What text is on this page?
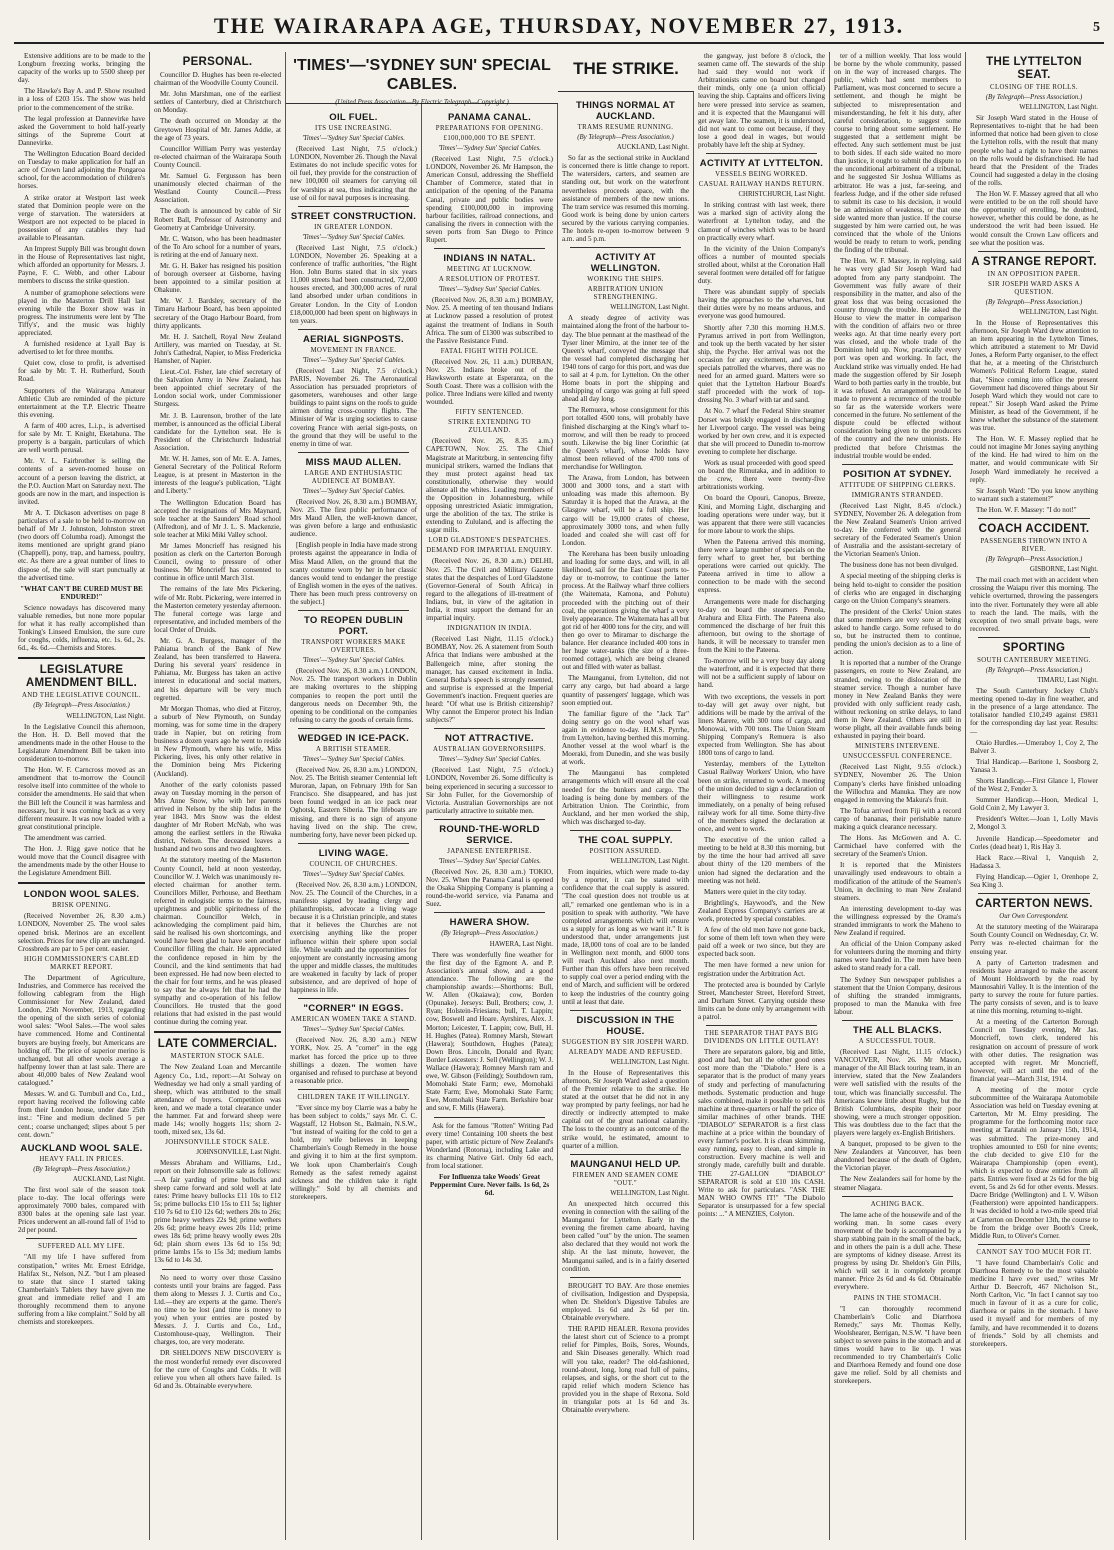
THE WAIRARAPA AGE, THURSDAY, NOVEMBER 27, 1913.	5

Extensive additions are to be made to the Longburn freezing works, bringing the capacity of the works up to 5500 sheep per day.

The Hawke's Bay A. and P. Show resulted in a loss of £203 15s. The show was held prior to the commencement of the strike.

The legal profession at Dannevirke have asked the Government to hold half-yearly sittings of the Supreme Court at Dannevirke.

The Wellington Education Board decided on Tuesday to make application for half an acre of Crown land adjoining the Pongaroa school, for the accommodation of children's horses.

A strike orator at Westport last week stated that Dominion people were on the verge of starvation. The watersiders at Westport are not expected to be placed in possession of any catables they had available to Pleasantan.

An Imprest Supply Bill was brought down in the House of Representatives last night, which afforded an opportunity for Messrs. J. Payne, F. C. Webb, and other Labour members to discuss the strike question.

A number of gramophone selections were played in the Masterton Drill Hall last evening while the Boxer show was in progress. The instruments were lent by 'The Tiffy's', and the music was highly appreciated.

A furnished residence at Lyall Bay is advertised to let for three months.

Quiet cow, close to profit, is advertised for sale by Mr. T. H. Rutherfurd, South Road.

Supporters of the Wairarapa Amateur Athletic Club are reminded of the picture entertainment at the T.P. Electric Theatre this evening.

A farm of 400 acres, L.i.p., is advertised for sale by Mr. T. Knight, Eketahuna. The property is a bargain, particulars of which are well worth perusal.

Mr. V. L. Fairbrother is selling the contents of a seven-roomed house on account of a person leaving the district, at the P.O. Auction Mart on Saturday next. The goods are now in the mart, and inspection is invited.

Mr A. T. Dickason advertises on page 8 particulars of a sale to be held to-morrow on behalf of Mr J. Johnston, Johnston street (two doors off Columba road). Amongst the items mentioned are upright grand piano (Chappell), pony, trap, and harness, poultry, etc. As there are a great number of lines to dispose of, the sale will start punctually at the advertised time.

"WHAT CAN'T BE CURED MUST BE ENDURED!"

Science nowadays has discovered many valuable remedies, but none more popular for what it has really accomplished than Tonking's Linseed Emulsion, the sure cure for coughs, colds, influenza, etc. 1s. 6d., 2s. 6d., 4s. 6d.—Chemists and Stores.

LEGISLATURE AMENDMENT BILL.
AND THE LEGISLATIVE COUNCIL.
(By Telegraph—Press Association.)
WELLINGTON, Last Night.

In the Legislative Council this afternoon, the Hon. H. D. Bell moved that the amendments made in the other House to the Legislature Amendment Bill be taken into consideration to-morrow.

The Hon. W. F. Carncross moved as an amendment that to-morrow the Council resolve itself into committee of the whole to consider the amendments. He said that when the Bill left the Council it was harmless and necessary, but it was coming back as a very different measure. It was now loaded with a great constitutional principle.

The amendment was carried.

The Hon. J. Rigg gave notice that he would move that the Council disagree with the amendments made by the other House to the Legislature Amendment Bill.

LONDON WOOL SALES.
BRISK OPENING.

(Received November 26, 8.30 a.m.) LONDON, November 25. The wool sales opened brisk. Merinos are an excellent selection. Prices for new clip are unchanged. Crossbreds are par to 5 per cent. easier.

HIGH COMMISSIONER'S CABLED MARKET REPORT.

The Department of Agriculture, Industries, and Commerce has received the following cablegram from the High Commissioner for New Zealand, dated London, 25th November, 1913, regarding the opening of the sixth series of colonial wool sales: "Wool Sales.—The wool sales have commenced. Home and Continental buyers are buying freely, but Americans are holding off. The price of superior merino is unchanged, but all other wools average a halfpenny lower than at last sale. There are about 40,000 bales of New Zealand wool catalogued."

Messrs. W. and G. Turnbull and Co., Ltd., report having received the following cable from their London house, under date 25th inst.: "Fine and medium declined 5 per cent.; coarse unchanged; slipes about 5 per cent. down."

AUCKLAND WOOL SALE.
HEAVY FALL IN PRICES.
(By Telegraph—Press Association.)
AUCKLAND, Last Night.

The first wool sale of the season took place to-day. The local offerings were approximately 7000 bales, compared with 8300 bales at the opening sale last year. Prices underwent an all-round fall of 1½d to 2d per pound.

SUFFERED ALL MY LIFE.

"All my life I have suffered from constipation," writes Mr. Ernest Edridge, Halifax St., Nelson, N.Z. "but I am pleased to state that since I started taking Chamberlain's Tablets they have given me great and immediate relief and I am thoroughly recommend them to anyone suffering from a like complaint." Sold by all chemists and storekeepers.

PERSONAL.

Councillor D. Hughes has been re-elected chairman of the Woodville County Council.

Mr. John Marshman, one of the earliest settlers of Canterbury, died at Christchurch on Monday.

The death occurred on Monday at the Greytown Hospital of Mr. James Addie, at the age of 73 years.

Councillor William Perry was yesterday re-elected chairman of the Wairarapa South County Council.

Mr. Samuel G. Fergusson has been unanimously elected chairman of the Westland County Council.—Press Association.

The death is announced by cable of Sir Robert Ball, Professor of Astronomy and Geometry at Cambridge University.

Mr. C. Watson, who has been headmaster of the To Aro school for a number of years, is retiring at the end of January next.

Mr. G. H. Baker has resigned his position of borough overseer at Gisborne, having been appointed to a similar position at Ohakune.

Mr. W. J. Bardsley, secretary of the Timaru Harbour Board, has been appointed secretary of the Otago Harbour Board, from thirty applicants.

Mr. H. J. Satchell, Royal New Zealand Artillery, was married on Tuesday, at St. John's Cathedral, Napier, to Miss Fredericka Hamsher, of Napier.

Lieut.-Col. Fisher, late chief secretary of the Salvation Army in New Zealand, has been appointed chief secretary of the London social work, under Commissioner Sturgess.

Mr. J. B. Laurenson, brother of the late member, is announced as the official Liberal candidate for the Lyttelton seat. He is President of the Christchurch Industrial Association.

Mr. W. H. James, son of Mr. E. A. James, General Secretary of the Political Reform League, is at present in Masterton in the interests of the league's publication, "Light and Liberty."

The Wellington Education Board has accepted the resignations of Mrs Maynard, sole teacher at the Saunders' Road school (Alfredton), and of Mr J. L. S. Mackenzie, sole teacher at Miki Miki Valley school.

Mr James Moncrieff has resigned his position as clerk on the Carterton Borough Council, owing to pressure of other business. Mr Moncrieff has consented to continue in office until March 31st.

The remains of the late Mrs Pickering, wife of Mr. Robt. Pickering, were interred in the Masterton cemetery yesterday afternoon. The funeral cortege was large and representative, and included members of the local Order of Druids.

Mr. G. A. Burgess, manager of the Pahiatua branch of the Bank of New Zealand, has been transferred to Hawera. During his several years' residence in Pahiatua, Mr. Burgess has taken an active interest in educational and social matters, and his departure will be very much regretted.

Mr Morgan Thomas, who died at Fitzroy, a suburb of New Plymouth, on Sunday morning, was for some time in the drapery trade in Napier, but on retiring from business a dozen years ago he went to reside in New Plymouth, where his wife, Miss Pickering, lives, his only other relative in the Dominion being Mrs Pickering (Auckland).

Another of the early colonists passed away on Tuesday morning in the person of Mrs Anne Snow, who with her parents arrived in Nelson by the ship Indus in the year 1843. Mrs Snow was the eldest daughter of Mr Robert McNab, who was among the earliest settlers in the Riwaka district, Nelson. The deceased leaves a husband and two sons and two daughters.

At the statutory meeting of the Masterton County Council, held at noon yesterday, Councillor W. J. Welch was unanimously re-elected chairman for another term. Councillors Miller, Perhouse, and Beetham referred in eulogistic terms to the fairness, uprightness and public spiritedness of the chairman. Councillor Welch, in acknowledging the compliment paid him, said he realised his own shortcomings, and would have been glad to have seen another Councillor filling the chair. He appreciated the confidence reposed in him by the Council, and the kind sentiments that had been expressed. He had now been elected to the chair for four terms, and he was pleased to say that he always felt that he had the sympathy and co-operation of his fellow Councillors. He trusted that the good relations that had existed in the past would continue during the coming year.

LATE COMMERCIAL.
MASTERTON STOCK SALE.

The New Zealand Loan and Mercantile Agency Co., Ltd., report:—At Solway on Wednesday we had only a small yarding of sheep, which was attributed to the small attendance of buyers. Competition was keen, and we made a total clearance under the hammer. Fat and forward sheep were made 14s; woolly hoggets 11s; shorn 2-tooth, mixed sex, 13s 6d.

JOHNSONVILLE STOCK SALE.
JOHNSONVILLE, Last Night.

Messrs Abraham and Williams, Ltd., report on their Johnsonville sale as follows:—A fair yarding of prime bullocks and sheep came forward and sold well at late rates: Prime heavy bullocks £11 10s to £12 5s; prime bullocks £10 15s to £11 5s; lighter £10 7s 6d to £10 12s 6d; wethers 20s to 26s; prime heavy wethers 22s 9d; prime wethers 20s 6d; prime heavy ewes 20s 11d; prime ewes 18s 6d; prime heavy woolly ewes 20s 6d; plain shorn ewes 13s 6d to 15s 9d; prime lambs 15s to 15s 3d; medium lambs 13s 6d to 14s 3d.

No need to worry over those Cassino contests until your brains are fagged. Pass them along to Messrs J. J. Curtis and Co., Ltd.—they are experts at the game. There's no time to be lost (and time is money to you) when your entries are posted by Messrs. J. J. Curtis and Co., Ltd., Customhouse-quay, Wellington. Their charges, too, are very moderate.

DR SHELDON'S NEW DISCOVERY is the most wonderful remedy ever discovered for the cure of Coughs and Colds. It will relieve you when all others have failed. 1s 6d and 3s. Obtainable everywhere.

OIL FUEL.
ITS USE INCREASING.
'Times'—'Sydney Sun' Special Cables.

(Received Last Night, 7.5 o'clock.) LONDON, November 26. Though the Naval Estimates do not include specific votes for oil fuel, they provide for the construction of new 100,000 oil steamers for carrying oil for warships at sea, thus indicating that the use of oil for naval purposes is increasing.

STREET CONSTRUCTION.
IN GREATER LONDON.
'Times'—'Sydney Sun' Special Cables.

(Received Last Night, 7.5 o'clock.) LONDON, November 26. Speaking at a conference of traffic authorities, "the Right Hon. John Burns stated that in six years 11,000 streets had been constructed, 72,000 houses erected, and 300,000 acres of rural land absorbed under urban conditions in Greater London. In the City of London £18,000,000 had been spent on highways in ten years.

AERIAL SIGNPOSTS.
MOVEMENT IN FRANCE.
'Times'—'Sydney Sun' Special Cables.

(Received Last Night, 7.5 o'clock.) PARIS, November 26. The Aeronautical Association has persuaded proprietors of gasometers, warehouses and other large buildings to paint signs on the roofs to guide airmen during cross-country flights. The Minister of War is urging societies to cause covering France with aerial sign-posts, on the ground that they will be useful to the enemy in time of war.

MISS MAUD ALLEN.
LARGE AND ENTHUSIASTIC AUDIENCE AT BOMBAY.
'Times'—'Sydney Sun' Special Cables.

(Received Nov. 26, 8.30 a.m.) BOMBAY, Nov. 25. The first public performance of Mrs Maud Allen, the well-known dancer, was given before a large and enthusiastic audience.

[English people in India have made strong protests against the appearance in India of Miss Maud Allen, on the ground that the scanty costume worn by her in her classic dances would tend to endanger the prestige of English women in the eyes of the natives. There has been much press controversy on the subject.]

TO REOPEN DUBLIN PORT.
TRANSPORT WORKERS MAKE OVERTURES.
'Times'—'Sydney Sun' Special Cables.

(Received Nov. 26, 8.30 a.m.) LONDON, Nov. 25. The transport workers in Dublin are making overtures to the shipping companies to reopen the port until the dangerous needs on December 9th, the opening to be conditional on the companies refusing to carry the goods of certain firms.

WEDGED IN ICE-PACK.
A BRITISH STEAMER.
'Times'—'Sydney Sun' Special Cables.

(Received Nov. 26, 8.30 a.m.) LONDON, Nov. 25. The British steamer Centennial left Muroran, Japan, on February 19th for San Francisco. She disappeared, and has just been found wedged in an ice pack near Oghotsk, Eastern Siberia. The lifeboats are missing, and there is no sign of anyone having lived on the ship. The crew, numbering forty, have never been picked up.

LIVING WAGE.
COUNCIL OF CHURCHES.
'Times'—'Sydney Sun' Special Cables.

(Received Nov. 26, 8.30 a.m.) LONDON, Nov. 25. The Council of the Churches, in a manifesto signed by leading clergy and philanthropists, advocate a living wage because it is a Christian principle, and states that it believes the Churches are not exercising anything like the proper influence within their sphere upon social life. While wealth and the opportunities for enjoyment are constantly increasing among the upper and middle classes, the multitudes are weakened in faculty by lack of proper subsistence, and are deprived of hope of happiness in life.

"CORNER" IN EGGS.
AMERICAN WOMEN TAKE A STAND.
'Times'—'Sydney Sun' Special Cables.

(Received Nov. 26, 8.30 a.m.) NEW YORK, Nov. 25. A "corner" in the egg market has forced the price up to three shillings a dozen. The women have organised and refused to purchase at beyond a reasonable price.

CHILDREN TAKE IT WILLINGLY.

"Ever since my boy Clarrie was a baby he has been subject to colds," says Mr. C. C. Wagstaff, 12 Hobson St., Balmain, N.S.W., "but instead of waiting for the cold to get a hold, my wife believes in keeping Chamberlain's Cough Remedy in the house and giving it to him at the first symptom. We look upon Chamberlain's Cough Remedy as the safest remedy against sickness and the children take it right willingly." Sold by all chemists and storekeepers.

PANAMA CANAL.
PREPARATIONS FOR OPENING.
£100,000,000 TO BE SPENT.
'Times'—'Sydney Sun' Special Cables.

(Received Last Night, 7.5 o'clock.) LONDON, November 26. Mr Hampson, the American Consul, addressing the Sheffield Chamber of Commerce, stated that in anticipation of the opening of the Panama Canal, private and public bodies were spending £100,000,000 in improving harbour facilities, railroad connections, and canalising the rivers in connection with the seven ports from San Diego to Prince Rupert.

INDIANS IN NATAL.
MEETING AT LUCKNOW.
A RESOLUTION OF PROTEST.
'Times'—'Sydney Sun' Special Cables.

(Received Nov. 26, 8.30 a.m.) BOMBAY, Nov. 25. A meeting of ten thousand Indians at Lucknow passed a resolution of protest against the treatment of Indians in South Africa. The sum of £1300 was subscribed to the Passive Resistance Fund.

FATAL FIGHT WITH POLICE.

(Received Nov. 26, 11 a.m.) DURBAN, Nov. 25. Indians broke out of the Hawksworth estate at Esperanza, on the South Coast. There was a collision with the police. Three Indians were killed and twenty wounded.

FIFTY SENTENCED.
STRIKE EXTENDING TO ZULULAND.

(Received Nov. 26, 8.35 a.m.) CAPETOWN, Nov. 25. The Chief Magistrate at Maritzburg, in sentencing fifty municipal strikers, warned the Indians that they must protect against head tax constitutionally, otherwise they would alienate all the whites. Leading members of the Opposition in Johannesburg, while opposing unrestricted Asiatic immigration, urge the abolition of the tax. The strike is extending to Zululand, and is affecting the sugar mills.

LORD GLADSTONE'S DESPATCHES.
DEMAND FOR IMPARTIAL ENQUIRY.

(Received Nov. 26, 8.30 a.m.) DELHI, Nov. 25. The Civil and Military Gazette states that the despatches of Lord Gladstone (Governor-General of South Africa) in regard to the allegations of ill-treatment of Indians, but, in view of the agitation in India, it must support the demand for an impartial inquiry.

INDIGNATION IN INDIA.

(Received Last Night, 11.15 o'clock.) BOMBAY, Nov. 26. A statement from South Africa that Indians were ambushed at the Ballengeich mine, after stoning the manager, has caused excitement in India. General Botha's speech is strongly resented, and surprise is expressed at the Imperial Government's inaction. Frequent queries are heard: "Of what use is British citizenship? Why cannot the Emperor protect his Indian subjects?"

NOT ATTRACTIVE.
AUSTRALIAN GOVERNORSHIPS.
'Times'—'Sydney Sun' Special Cables.

(Received Last Night, 7.5 o'clock.) LONDON, November 26. Some difficulty is being experienced in securing a successor to Sir John Fuller, for the Governorship of Victoria. Australian Governorships are not particularly attractive to suitable men.

ROUND-THE-WORLD SERVICE.
JAPANESE ENTERPRISE.
'Times'—'Sydney Sun' Special Cables.

(Received Nov. 26, 8.30 a.m.) TOKIO, Nov. 25. When the Panama Canal is opened the Osaka Shipping Company is planning a round-the-world service, via Panama and Suez.

HAWERA SHOW.
(By Telegraph—Press Association.)
HAWERA, Last Night.

There was wonderfully fine weather for the first day of the Egmont A. and P. Association's annual show, and a good attendance. The following are the championship awards:—Shorthorns: Bull, W. Allen (Okaiawa); cow, Borden (Opunake). Jerseys: Bull, Brothers; cow, J. Ryan; Holstein-Friesians; bull, T. Lappin; cow, Boswell and Hoare. Ayrshires, Alex. J. Morton; Leicester, T. Lappin; cow, Bull, H. H. Hughes (Patea). Romney Marsh, Stewart (Hawera); Southdown, Hughes (Patea); Down Bros. Lincoln, Donald and Ryan; Border Leicesters: J. Sell (Wellington); W. J. Wallace (Hawera); Romney Marsh ram and ewe, W. Gibson (Feilding); Southdown ram, Momohaki State Farm; ewe, Momohaki State Farm; Ewe, Momohaki State Farm; Ewe, Momohaki State Farm. Berkshire boar and sow, F. Mills (Hawera).

Ask for the famous "Rotten" Writing Pad every time! Containing 100 sheets the best paper, with artistic picture of New Zealand's Wonderland (Rotorua), including Lake and its charming Native Girl. Only 6d each, from local stationer.

For Influenza take Woods' Great Peppermint Cure. Never fails. 1s 6d, 2s 6d.
THINGS NORMAL AT AUCKLAND.
TRAMS RESUME RUNNING.
(By Telegraph—Press Association.)
AUCKLAND, Last Night.

So far as the sectional strike in Auckland is concerned there is little change to report. The watersiders, carters, and seamen are standing out, but work on the waterfront nevertheless proceeds apace, with the assistance of members of the new unions. The tram service was resumed this morning. Good work is being done by union carters secured by the various carrying companies. The hotels re-open to-morrow between 9 a.m. and 5 p.m.

ACTIVITY AT WELLINGTON.
WORKING THE SHIPS.
ARBITRATION UNION STRENGTHENING.
WELLINGTON, Last Night.

A steady degree of activity was maintained along the front of the harbour to-day. The blue pennant at the masthead of the Tyser liner Mimiro, at the inner tee of the Queen's wharf, conveyed the message that the vessel had completed discharging her 1940 tons of cargo for this port, and was due to sail at 4 p.m. for Lyttelton. On the other Home boats in port the shipping and unshipping of cargo was going at full speed ahead all day long.

The Remuera, whose consignment for this port totalled 4500 tons, will probably have finished discharging at the King's wharf to-morrow, and will then be ready to proceed south. Likewise the big liner Corinthic (at the Queen's wharf), whose holds have almost been relieved of the 4700 tons of merchandise for Wellington.

The Arawa, from London, has between 3000 and 3000 tons, and a start with unloading was made this afternoon. By Saturday it is hoped that the Arawa, at the Glasgow wharf, will be a full ship. Her cargo will be 19,000 crates of cheese, approximately 3000 tons, and when fully loaded and coaled she will cast off for London.

The Kerehana has been busily unloading and loading for some days, and will, in all likelihood, sail for the East Coast ports to-day or to-morrow, to continue the latter process. At the Railway wharf three colliers (the Waitemata, Kamona, and Pohutu) proceeded with the pitching out of their coal, the operations giving the wharf a very lively appearance. The Waitemata has all but got rid of her 4000 tons for the city, and will then go over to Miramar to discharge the balance. Her clearance included 400 tons in her huge water-tanks (the size of a three-roomed cottage), which are being cleaned out and filled with water as ballast.

The Maunganui, from Lyttelton, did not carry any cargo, but had aboard a large quantity of passengers' luggage, which was soon emptied out.

The familiar figure of the "Jack Tar" doing sentry go on the wool wharf was again in evidence to-day. H.M.S. Pyrrhe, from Lyttelton, having berthed this morning. Another vessel at the wool wharf is the Moeraki, from Dunedin, and she was busily at work.

The Maunganui has completed arrangements which will ensure all the coal needed for the bunkers and cargo. The loading is being done by members of the Arbitration Union. The Corinthic, from Auckland, and her men worked the ship, which was discharged to-day.

THE COAL SUPPLY.
POSITION ASSURED.
WELLINGTON, Last Night.

From inquiries, which were made to-day by a reporter, it can be stated with confidence that the coal supply is assured. "The coal question does not trouble us at all," remarked one gentleman who is in a position to speak with authority. "We have completed arrangements which will ensure us a supply for as long as we want it." It is understood that, under arrangements just made, 18,000 tons of coal are to be landed in Wellington next month, and 6000 tons will reach Auckland also next month. Further than this offers have been received to supply coal over a period ending with the end of March, and sufficient will be ordered to keep the industries of the country going until at least that date.

DISCUSSION IN THE HOUSE.
SUGGESTION BY SIR JOSEPH WARD.
ALREADY MADE AND REFUSED.
WELLINGTON, Last Night.

In the House of Representatives this afternoon, Sir Joseph Ward asked a question of the Premier relative to the strike. He stated at the outset that he did not in any way prompted by party feelings, nor had he directly or indirectly attempted to make capital out of the great national calamity. The loss to the country as an outcome of the strike would, he estimated, amount to quarter of a million.

MAUNGANUI HELD UP.
FIREMEN AND SEAMEN COME "OUT."
WELLINGTON, Last Night.

An unexpected hitch occurred this evening in connection with the sailing of the Maunganui for Lyttelton. Early in the evening the firemen came aboard, having been called "out" by the union. The seamen also declared that they would not work the ship. At the last minute, however, the Maunganui sailed, and is in a fairly deserted condition.

BROUGHT TO BAY. Are those enemies of civilisation, Indigestion and Dyspepsia, when Dr. Sheldon's Digestive Tabules are employed. 1s 6d and 2s 6d per tin. Obtainable everywhere.

THE RAPID HEALER. Rexona provides the latest short cut of Science to a prompt relief for Pimples, Boils, Sores, Wounds, and Skin Diseases generally. Which road will you take, reader? The old-fashioned, round-about, long, long road full of pains, relapses, and sighs, or the short cut to the rapid relief which modern Science has provided you in the shape of Rexona. Sold in triangular pots at 1s 6d and 3s. Obtainable everywhere.

the gangway, just before 8 o'clock, the seamen came off. The stewards of the ship had said they would not work if Arbitrationists came on board but changed their minds, only one (a union official) leaving the ship. Captains and officers living here were pressed into service as seamen, and it is expected that the Maunganui will get away late. The seamen, it is understood, did not want to come out because, if they lose a good deal in wages, but would probably have left the ship at Sydney.

ACTIVITY AT LYTTELTON.
VESSELS BEING WORKED.
CASUAL RAILWAY HANDS RETURN.
CHRISTCHURCH, Last Night.

In striking contrast with last week, there was a marked sign of activity along the waterfront at Lyttelton today, and the clamour of winches which was to be heard on practically every wharf.

In the vicinity of the Union Company's offices a number of mounted specials strolled about, whilst at the Coronation Hall several footmen were detailed off for fatigue duty.

There was abundant supply of specials having the approaches to the wharves, but their duties were by no means arduous, and everyone was good humoured.

Shortly after 7.30 this morning H.M.S. Pyramus arrived in port from Wellington, and took up the berth vacated by her sister ship, the Psyche. Her arrival was not the occasion for any excitement, and as the specials patrolled the wharves, there was no need for an armed guard. Matters were so quiet that the Lyttelton Harbour Board's staff proceeded with the work of top-dressing No. 3 wharf with tar and sand.

At No. 7 wharf the Federal Shire steamer Dorset was briskly engaged in discharging her Liverpool cargo. The vessel was being worked by her own crew, and it is expected that she will proceed to Dunedin to-morrow evening to complete her discharge.

Work as usual proceeded with good speed on board the Rimutaka, and in addition to the crew, there were twenty-five arbitrationists working.

On board the Opouri, Canopus, Breeze, Kini, and Morning Light, discharging and loading operations were under way, but it was apparent that there were still vacancies for more labour to work the ships.

When the Pateena arrived this morning, there were a large number of specials on the ferry wharf to greet her, but berthing operations were carried out quickly. The Pateena arrived in time to allow a connection to be made with the second express.

Arrangements were made for discharging to-day on board the steamers Penola, Arahura and Eliza Firth. The Pateena also commenced the discharge of her fruit this afternoon, but owing to the shortage of hands, it will be necessary to transfer men from the Kini to the Pateena.

To-morrow will be a very busy day along the waterfront, and it is expected that there will not be a sufficient supply of labour on hand.

With two exceptions, the vessels in port to-day will get away over night, but additions will be made by the arrival of the liners Marere, with 300 tons of cargo, and Monowai, with 700 tons. The Union Steam Shipping Company's Remuera is also expected from Wellington. She has about 1800 tons of cargo to land.

Yesterday, members of the Lyttelton Casual Railway Workers' Union, who have been on strike, returned to work. A meeting of the union decided to sign a declaration of their willingness to resume work immediately, on a penalty of being refused railway work for all time. Some thirty-five of the members signed the declaration at once, and went to work.

The executive of the union called a meeting to be held at 8.30 this morning, but by the time the hour had arrived all save about thirty of the 120 members of the union had signed the declaration and the meeting was not held.

Matters were quiet in the city today.

Brightling's, Haywood's, and the New Zealand Express Company's carriers are at work, protected by special constables.

A few of the old men have not gone back, for some of them left town when they were paid off a week or two since, but they are expected back soon.

The men have formed a new union for registration under the Arbitration Act.

The protected area is bounded by Carlyle Street, Manchester Street, Hereford Street, and Durham Street. Carrying outside these limits can be done only by arrangement with a patrol.

THE SEPARATOR THAT PAYS BIG DIVIDENDS ON LITTLE OUTLAY!

There are separators galore, big and little, good and bad, but all the other good ones cost more than the "Diabolo." Here is a separator that is the product of many years of study and perfecting of manufacturing methods. Systematic production and huge sales combined, make it possible to sell this machine at three-quarters or half the price of similar machines of other brands. THE "DIABOLO" SEPARATOR is a first class machine at a price within the boundary of every farmer's pocket. It is clean skimming, easy running, easy to clean, and simple in construction. Every machine is well and strongly made, carefully built and durable. THE 27-GALLON "DIABOLO" SEPARATOR is sold at £10 10s CASH. Write to ask for particulars. "ASK THE MAN WHO OWNS IT!" "The Diabolo Separator is unsurpassed for a few special points: ..." A MENZIES, Colyton.

ter of a million weekly. That loss would be borne by the whole community, passed on in the way of increased charges. The public, which had sent members to Parliament, was most concerned to secure a settlement, and though he might be subjected to misrepresentation and misunderstanding, he felt it his duty, after careful consideration, to suggest some course to bring about some settlement. He suggested that a settlement might be effected. Any such settlement must be just to both sides. If each side waited no more than justice, it ought to submit the dispute to the unconditional arbitrament of a tribunal, and he suggested Sir Joshua Williams as arbitrator. He was a just, far-seeing, and fearless Judge, and if the other side refused to submit its case to his decision, it would be an admission of weakness, or that one side wanted more than justice. If the course suggested by him were carried out, he was convinced that the whole of the Unions would be ready to return to work, pending the finding of the tribunal.

The Hon. W. F. Massey, in replying, said he was very glad Sir Joseph Ward had adopted from any party standpoint. The Government was fully aware of their responsibility in the matter, and also of the great loss that was being occasioned the country through the trouble. He asked the House to view the matter in comparison with the condition of affairs two or three weeks ago. At that time nearly every port was closed, and the whole trade of the Dominion held up. Now, practically every port was open and working. In fact, the Auckland strike was virtually ended. He had made the suggestion offered by Sir Joseph Ward to both parties early in the trouble, but it was refused. An arrangement would be made to prevent a recurrence of the trouble so far as the waterside workers were concerned in the future. No settlement of the dispute could be effected without consideration being given to the producers of the country and the new unionists. He predicted that before Christmas the industrial trouble would be ended.

POSITION AT SYDNEY.
ATTITUDE OF SHIPPING CLERKS.
IMMIGRANTS STRANDED.

(Received Last Night, 8.45 o'clock.) SYDNEY, November 26. A delegation from the New Zealand Seamen's Union arrived to-day. He conferred with the general secretary of the Federated Seamen's Union of Australia and the assistant-secretary of the Victorian Seamen's Union.

The business done has not been divulged.

A special meeting of the shipping clerks is being held to-night to consider the position of clerks who are engaged in discharging cargo on the Union Company's steamers.

The president of the Clerks' Union states that some members are very sore at being asked to handle cargo. Some refused to do so, but he instructed them to continue, pending the union's decision as to a line of action.

It is reported that a number of the Orange passengers, en route to New Zealand, are stranded, owing to the dislocation of the steamer service. Though a number have money in New Zealand Banks they were provided with only sufficient ready cash, without reckoning on strike delays, to land them in New Zealand. Others are still in worse plight, all their available funds being exhausted in paying their board.

MINISTERS INTERVENE.
UNSUCCESSFUL CONFERENCE.

(Received Last Night, 9.55 o'clock.) SYDNEY, November 26. The Union Company's clerks have finished unloading the Willochra and Manuka. They are now engaged in removing the Makura's fruit.

The Tofua arrived from Fiji with a record cargo of bananas, their perishable nature making a quick clearance necessary.

The Hons. Jas McGowen and A. C. Carmichael have conferred with the secretary of the Seamen's Union.

It is reported that the Ministers unavailingly used endeavours to obtain a modification of the attitude of the Seamen's Union, in declining to man New Zealand steamers.

An interesting development to-day was the willingness expressed by the Orama's stranded immigrants to work the Maheno to New Zealand if required.

An official of the Union Company asked for volunteers during the morning and thirty names were handed in. The men have been asked to stand ready for a call.

The Sydney Sun newspaper publishes a statement that the Union Company, desirous of shifting the stranded immigrants, proposed to man the Manuka with free labour.

THE ALL BLACKS.
A SUCCESSFUL TOUR.

(Received Last Night, 11.15 o'clock.) VANCOUVER, Nov. 26. Mr Mason, manager of the All Black touring team, in an interview, stated that the New Zealanders were well satisfied with the results of the tour, which was financially successful. The Americans knew little about Rugby, but the British Columbians, despite their poor showing, were a much stronger opposition. This was doubtless due to the fact that the players were largely ex-English Britishers.

A banquet, proposed to be given to the New Zealanders at Vancouver, has been abandoned because of the death of Ogden, the Victorian player.

The New Zealanders sail for home by the steamer Niagara.

ACHING BACK.

The lame ache of the housewife and of the working man. In some cases every movement of the body is accompanied by a sharp stabbing pain in the small of the back, and in others the pain is a dull ache. These are symptoms of kidney disease. Arrest its progress by using Dr. Sheldon's Gin Pills, which will set it in completely prompt manner. Price 2s 6d and 4s 6d. Obtainable everywhere.

PAINS IN THE STOMACH.

"I can thoroughly recommend Chamberlain's Colic and Diarrhoea Remedy," says Mr. Thomas Kelly, Woolshearer, Berrigan, N.S.W. "I have been subject to severe pains in the stomach and at times would have to lie up. I was recommended to try Chamberlain's Colic and Diarrhoea Remedy and found one dose gave me relief. Sold by all chemists and storekeepers.

THE LYTTELTON SEAT.
CLOSING OF THE ROLLS.
(By Telegraph—Press Association.)
WELLINGTON, Last Night.

Sir Joseph Ward stated in the House of Representatives to-night that he had been informed that notice had been given to close the Lyttelton rolls, with the result that many people who had a right to have their names on the rolls would be disfranchised. He had heard that the President of the Trades Council had suggested a delay in the closing of the rolls.

The Hon W. F. Massey agreed that all who were entitled to be on the roll should have the opportunity of enrolling, he doubted, however, whether this could be done, as he understood the writ had been issued. He would consult the Crown Law officers and see what the position was.

A STRANGE REPORT.
IN AN OPPOSITION PAPER.
SIR JOSEPH WARD ASKS A QUESTION.
(By Telegraph—Press Association.)
WELLINGTON, Last Night.

In the House of Representatives this afternoon, Sir Joseph Ward drew attention to an item appearing in the Lyttelton Times, which attributed a statement to Mr David Jones, a Reform Party organiser, to the effect that he, at a meeting of the Christchurch Women's Political Reform League, stated that, "Since coming into office the present Government had discovered things about Sir Joseph Ward which they would not care to repeat." Sir Joseph Ward asked the Prime Minister, as head of the Government, if he knew whether the substance of the statement was true.

The Hon. W. F. Massey replied that he could not imagine Mr Jones saying anything of the kind. He had wired to him on the matter, and would communicate with Sir Joseph Ward immediately he received a reply.

Sir Joseph Ward: "Do you know anything to warrant such a statement?"

The Hon. W. F. Massey: "I do not!"

COACH ACCIDENT.
PASSENGERS THROWN INTO A RIVER.
(By Telegraph—Press Association.)
GISBORNE, Last Night.

The mail coach met with an accident when crossing the Waiapu river this morning. The vehicle overturned, throwing the passengers into the river. Fortunately they were all able to reach the land. The mails, with the exception of two small private bags, were recovered.

SPORTING
SOUTH CANTERBURY MEETING.
(By Telegraph—Press Association.)
TIMARU, Last Night.

The South Canterbury Jockey Club's meeting opened to-day in fine weather, and in the presence of a large attendance. The totalisator handled £10,249 against £9831 for the corresponding day last year. Results:—

Otaio Hurdles.—Umeraboy 1, Coy 2, The Balver 3.

Trial Handicap.—Baritone 1, Soosborg 2, Yanasa 3.

Shorts Handicap.—First Glance 1, Flower of the West 2, Fender 3.

Summer Handicap.—Hoon, Medical 1, Gold Coin 2, My Lawyer 3.

President's Welter.—Joan 1, Lolly Mavis 2, Mongol 3.

Juvenile Handicap.—Speedometer and Corles (dead heat) 1, Ris Hay 3.

Hack Race.—Rival 1, Vanquish 2, Hadassa 3.

Flying Handicap.—Ogier 1, Orenhope 2, Sea King 3.

CARTERTON NEWS.
Our Own Correspondent.

At the statutory meeting of the Wairarapa South County Council on Wednesday, Cr. W. Perry was re-elected chairman for the ensuing year.

A party of Carterton tradesmen and residents have arranged to make the ascent of Mount Holdsworth by the road by Maunosahiri Valley. It is the intention of the party to survey the route for future parties. The party consists of seven, and is to leave at nine this morning, returning to-night.

At a meeting of the Carterton Borough Council on Tuesday evening, Mr Jas. Moncrieff, town clerk, tendered his resignation on account of pressure of work with other duties. The resignation was accepted with regret. Mr Moncrieff, however, will act until the end of the financial year—March 31st, 1914.

A meeting of the motor cycle subcommittee of the Wairarapa Automobile Association was held on Tuesday evening at Carterton, Mr M. Elmy presiding. The programme for the forthcoming motor race meeting at Taratahi on January 15th, 1914, was submitted. The prize-money and trophies amounted to £60 for nine events; the club decided to give £10 for the Wairarapa Championship (open event), which is expected to draw entries from all parts. Entries were fixed at 2s 6d for the big event, 5s and 2s 6d for other events. Messrs. Dacre Bridge (Wellington) and I. V. Wilson (Featherston) were appointed handicappers. It was decided to hold a two-mile speed trial at Carterton on December 13th, the course to be from the bridge over Booth's Creek, Middle Run, to Oliver's Corner.

CANNOT SAY TOO MUCH FOR IT.

"I have found Chamberlain's Colic and Diarrhoea Remedy to be the most valuable medicine I have ever used," writes Mr Arthur D. Beecroft, 467 Nicholson St., North Carlton, Vic. "In fact I cannot say too much in favour of it as a cure for colic, diarrhoea or pains in the stomach. I have used it myself and for members of my family, and have recommended it to dozens of friends." Sold by all chemists and storekeepers.

'TIMES'—'SYDNEY SUN' SPECIAL CABLES.
(United Press Association—By Electric Telegraph—Copyright.)
THE STRIKE.
